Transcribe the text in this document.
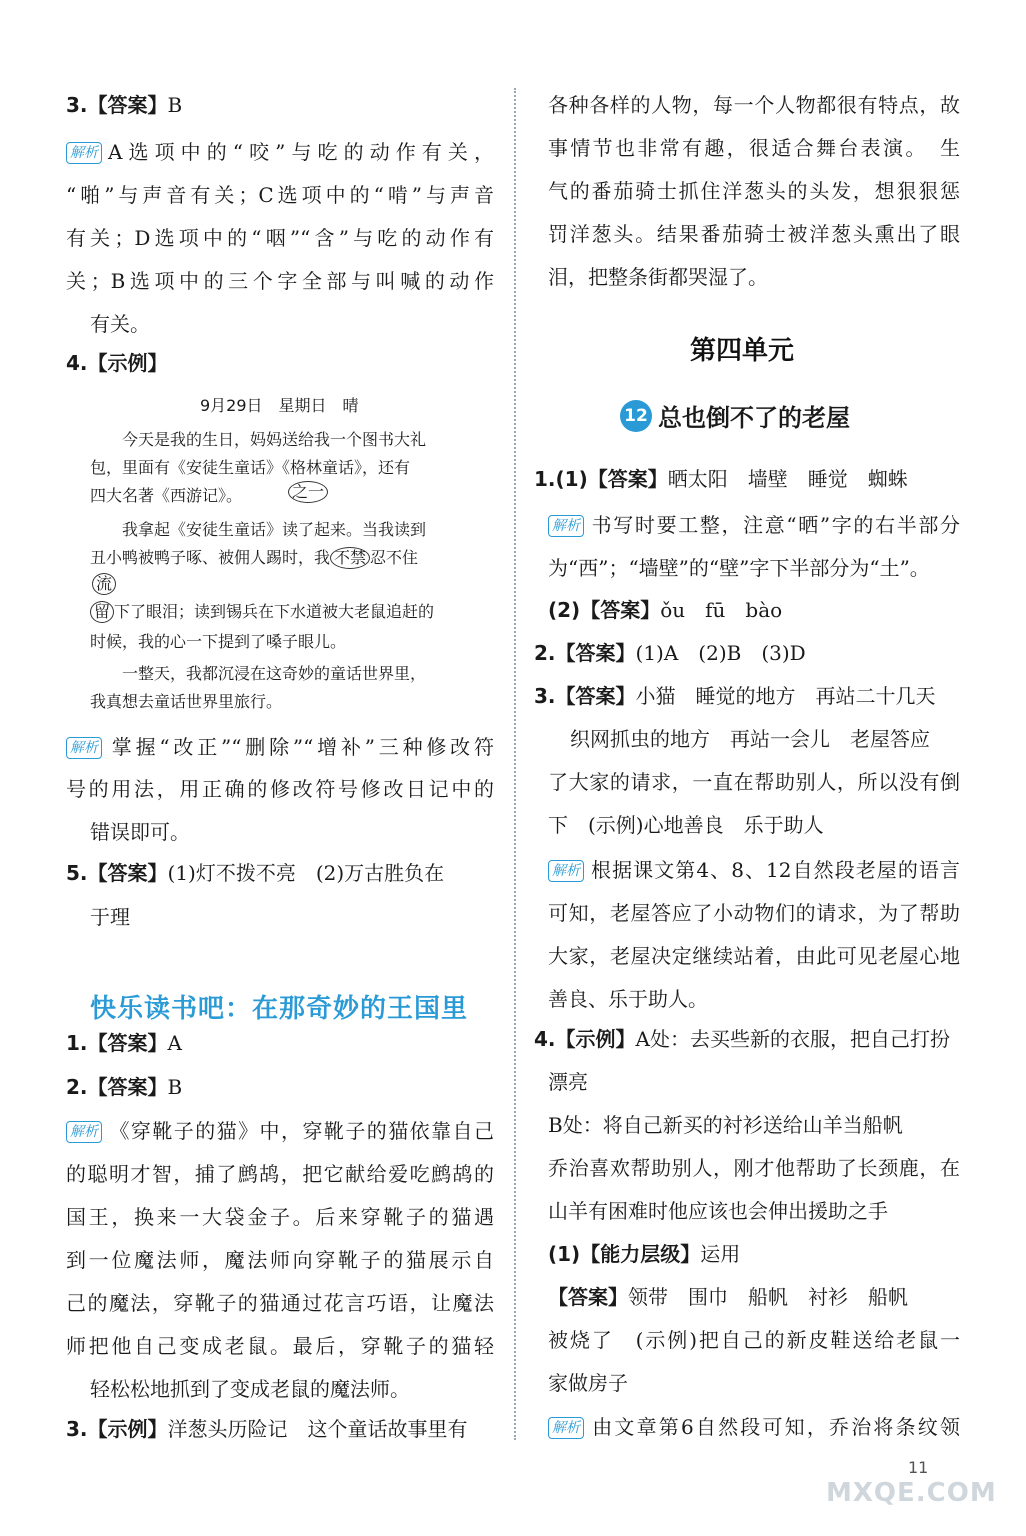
3.【答案】B
解析 A选项中的“咬”与吃的动作有关，
“啪”与声音有关；C选项中的“啃”与声音
有关；D选项中的“咽”“含”与吃的动作有
关；B选项中的三个字全部与叫喊的动作
有关。
4.【示例】
9月29日　星期日　晴
今天是我的生日，妈妈送给我一个图书大礼
包，里面有《安徒生童话》《格林童话》，还有
四大名著《西游记》。	之一
我拿起《安徒生童话》读了起来。当我读到
丑小鸭被鸭子啄、被佣人踢时，我 不禁 忍不住
流
留 下了眼泪；读到锡兵在下水道被大老鼠追赶的
时候，我的心一下提到了嗓子眼儿。
一整天，我都沉浸在这奇妙的童话世界里，
我真想去童话世界里旅行。
解析 掌握“改正”“删除”“增补”三种修改符
号的用法，用正确的修改符号修改日记中的
错误即可。
5.【答案】(1)灯不拨不亮　(2)万古胜负在
于理
快乐读书吧：在那奇妙的王国里
1.【答案】A
2.【答案】B
解析 《穿靴子的猫》中，穿靴子的猫依靠自己
的聪明才智，捕了鹧鸪，把它献给爱吃鹧鸪的
国王，换来一大袋金子。后来穿靴子的猫遇
到一位魔法师，魔法师向穿靴子的猫展示自
己的魔法，穿靴子的猫通过花言巧语，让魔法
师把他自己变成老鼠。最后，穿靴子的猫轻
轻松松地抓到了变成老鼠的魔法师。
3.【示例】洋葱头历险记　这个童话故事里有
各种各样的人物，每一个人物都很有特点，故
事情节也非常有趣，很适合舞台表演。　生
气的番茄骑士抓住洋葱头的头发，想狠狠惩
罚洋葱头。结果番茄骑士被洋葱头熏出了眼
泪，把整条街都哭湿了。
第四单元
12 总也倒不了的老屋
1.(1)【答案】晒太阳　墙壁　睡觉　蜘蛛
解析 书写时要工整，注意“晒”字的右半部分
为“西”；“墙壁”的“壁”字下半部分为“土”。
(2)【答案】ǒu　fū　bào
2.【答案】(1)A　(2)B　(3)D
3.【答案】小猫　睡觉的地方　再站二十几天
织网抓虫的地方　再站一会儿　老屋答应
了大家的请求，一直在帮助别人，所以没有倒
下　(示例)心地善良　乐于助人
解析 根据课文第4、8、12自然段老屋的语言
可知，老屋答应了小动物们的请求，为了帮助
大家，老屋决定继续站着，由此可见老屋心地
善良、乐于助人。
4.【示例】A处：去买些新的衣服，把自己打扮
漂亮
B处：将自己新买的衬衫送给山羊当船帆
乔治喜欢帮助别人，刚才他帮助了长颈鹿，在
山羊有困难时他应该也会伸出援助之手
(1)【能力层级】运用
【答案】领带　围巾　船帆　衬衫　船帆
被烧了　(示例)把自己的新皮鞋送给老鼠一
家做房子
解析 由文章第6自然段可知，乔治将条纹领
11
MXQE.COM
